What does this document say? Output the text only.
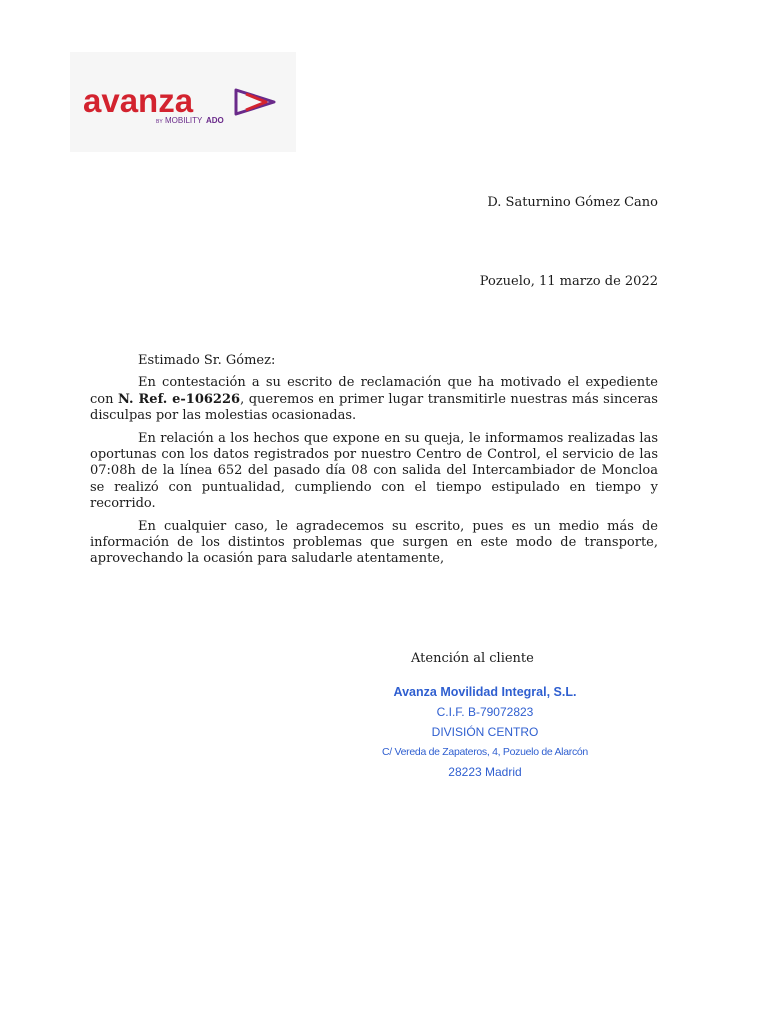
avanza
BY MOBILITY ADO
D. Saturnino Gómez Cano
Pozuelo, 11 marzo de 2022

Estimado Sr. Gómez:

En contestación a su escrito de reclamación que ha motivado el expediente con N. Ref. e-106226, queremos en primer lugar transmitirle nuestras más sinceras disculpas por las molestias ocasionadas.

En relación a los hechos que expone en su queja, le informamos realizadas las oportunas con los datos registrados por nuestro Centro de Control, el servicio de las 07:08h de la línea 652 del pasado día 08 con salida del Intercambiador de Moncloa se realizó con puntualidad, cumpliendo con el tiempo estipulado en tiempo y recorrido.

En cualquier caso, le agradecemos su escrito, pues es un medio más de información de los distintos problemas que surgen en este modo de transporte, aprovechando la ocasión para saludarle atentamente,

Atención al cliente
Avanza Movilidad Integral, S.L.
C.I.F. B-79072823
DIVISIÓN CENTRO
C/ Vereda de Zapateros, 4, Pozuelo de Alarcón
28223 Madrid
